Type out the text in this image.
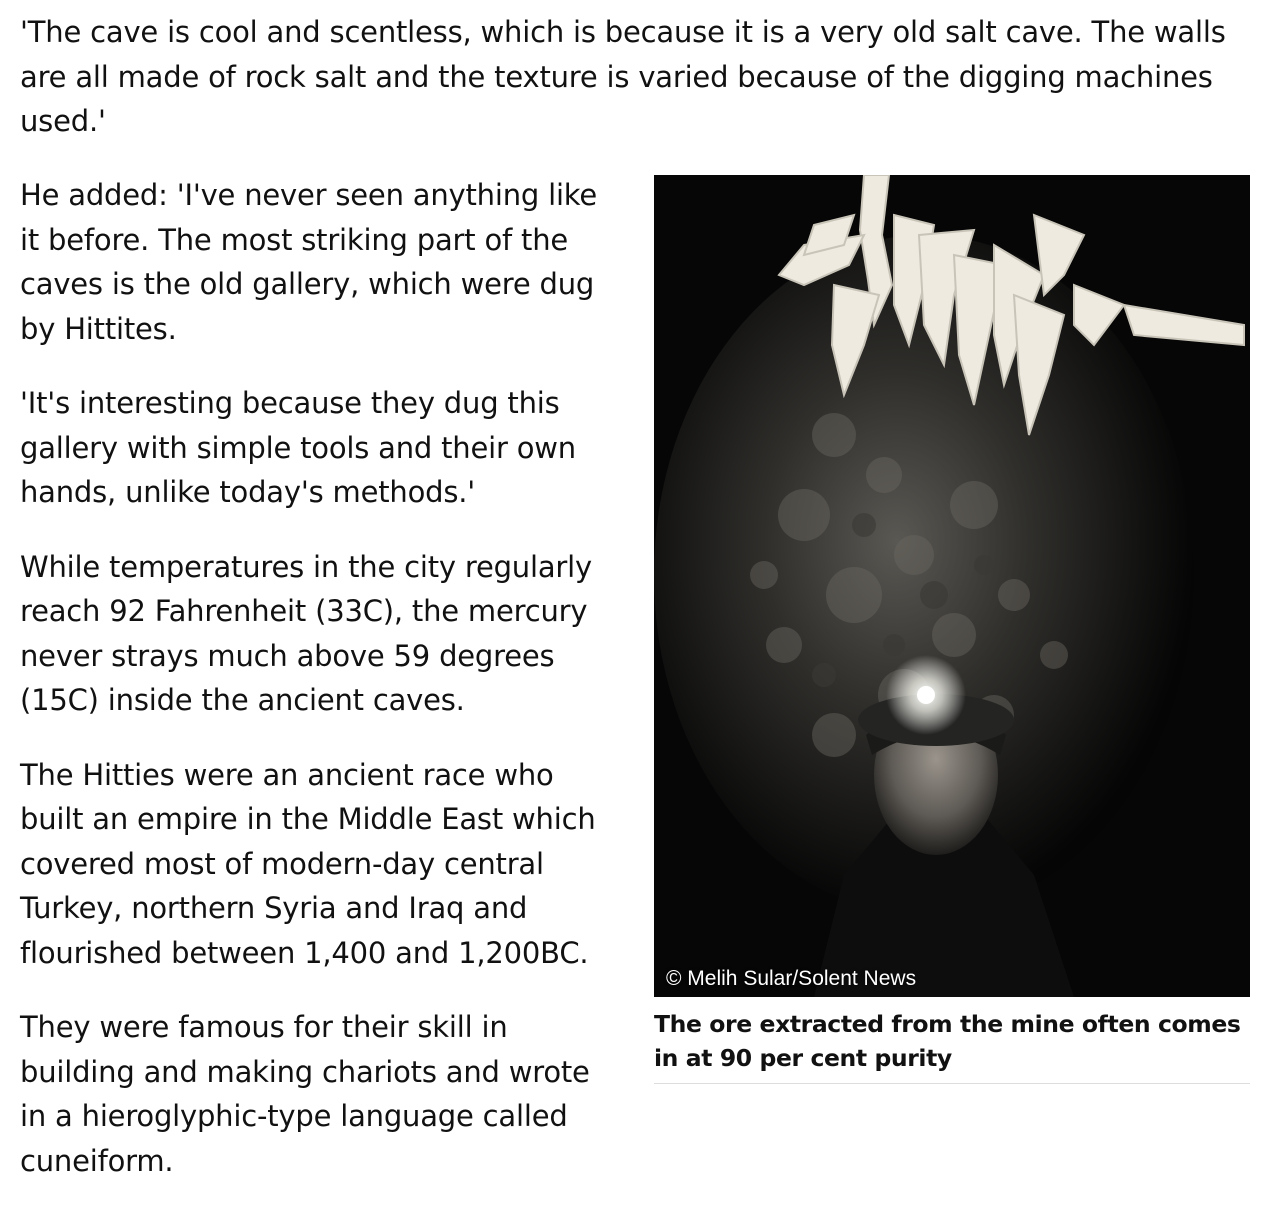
'The cave is cool and scentless, which is because it is a very old salt cave. The walls are all made of rock salt and the texture is varied because of the digging machines used.'

He added: 'I've never seen anything like it before. The most striking part of the caves is the old gallery, which were dug by Hittites.

'It's interesting because they dug this gallery with simple tools and their own hands, unlike today's methods.'

While temperatures in the city regularly reach 92 Fahrenheit (33C), the mercury never strays much above 59 degrees (15C) inside the ancient caves.

The Hitties were an ancient race who built an empire in the Middle East which covered most of modern-day central Turkey, northern Syria and Iraq and flourished between 1,400 and 1,200BC.

They were famous for their skill in building and making chariots and wrote in a hieroglyphic-type language called cuneiform.

© Melih Sular/Solent News

The ore extracted from the mine often comes in at 90 per cent purity
